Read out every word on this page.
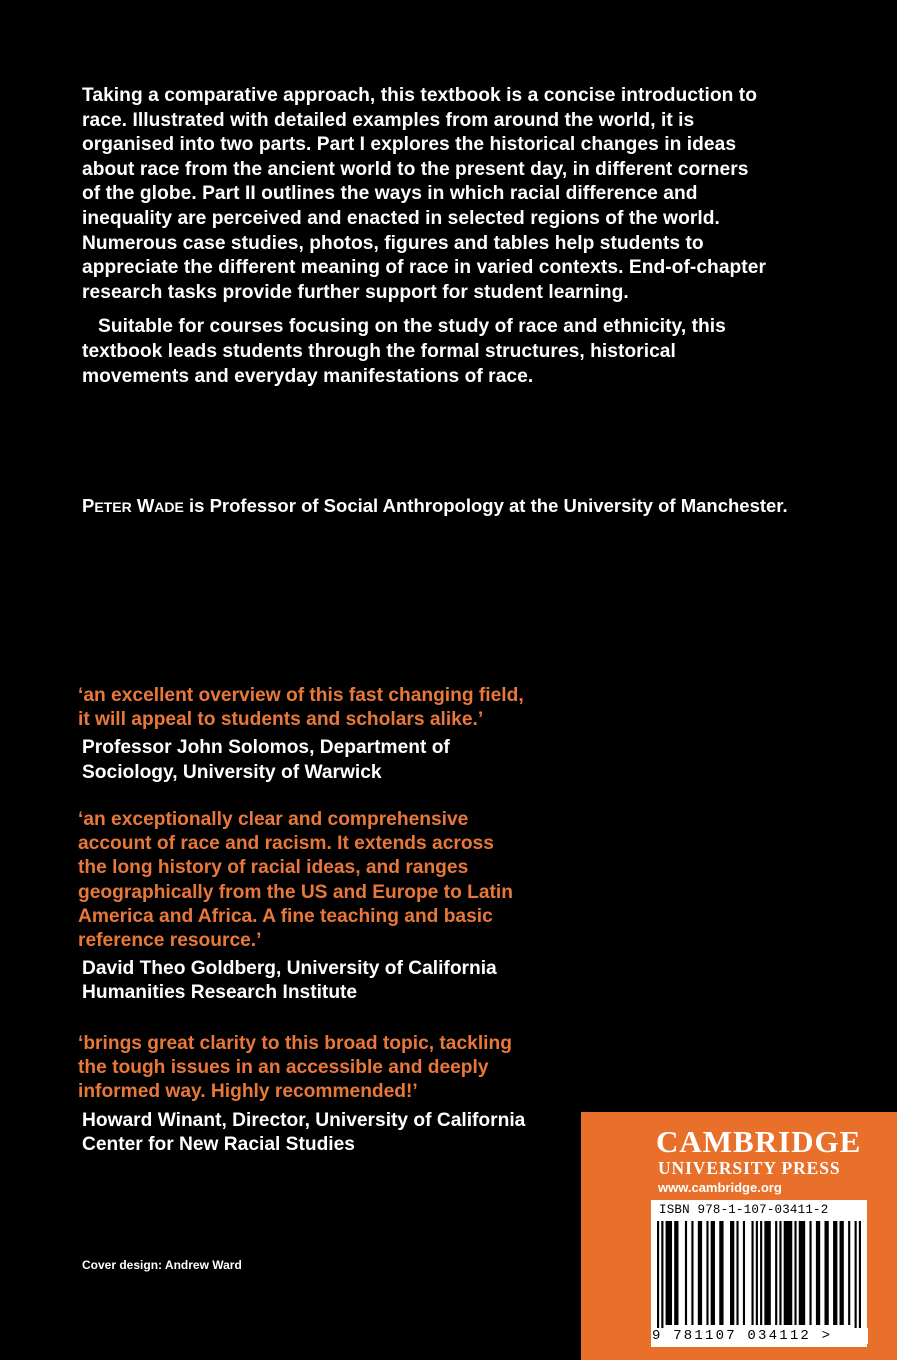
Taking a comparative approach, this textbook is a concise introduction to race. Illustrated with detailed examples from around the world, it is organised into two parts. Part I explores the historical changes in ideas about race from the ancient world to the present day, in different corners of the globe. Part II outlines the ways in which racial difference and inequality are perceived and enacted in selected regions of the world. Numerous case studies, photos, figures and tables help students to appreciate the different meaning of race in varied contexts. End-of-chapter research tasks provide further support for student learning.

Suitable for courses focusing on the study of race and ethnicity, this textbook leads students through the formal structures, historical movements and everyday manifestations of race.

PETER WADE is Professor of Social Anthropology at the University of Manchester.

‘an excellent overview of this fast changing field,
it will appeal to students and scholars alike.’

Professor John Solomos, Department of
Sociology, University of Warwick

‘an exceptionally clear and comprehensive
account of race and racism. It extends across
the long history of racial ideas, and ranges
geographically from the US and Europe to Latin
America and Africa. A fine teaching and basic
reference resource.’

David Theo Goldberg, University of California
Humanities Research Institute

‘brings great clarity to this broad topic, tackling
the tough issues in an accessible and deeply
informed way. Highly recommended!’

Howard Winant, Director, University of California
Center for New Racial Studies

Cover design: Andrew Ward

CAMBRIDGE

UNIVERSITY PRESS

www.cambridge.org

ISBN 978-1-107-03411-2

9 781107 034112 >
